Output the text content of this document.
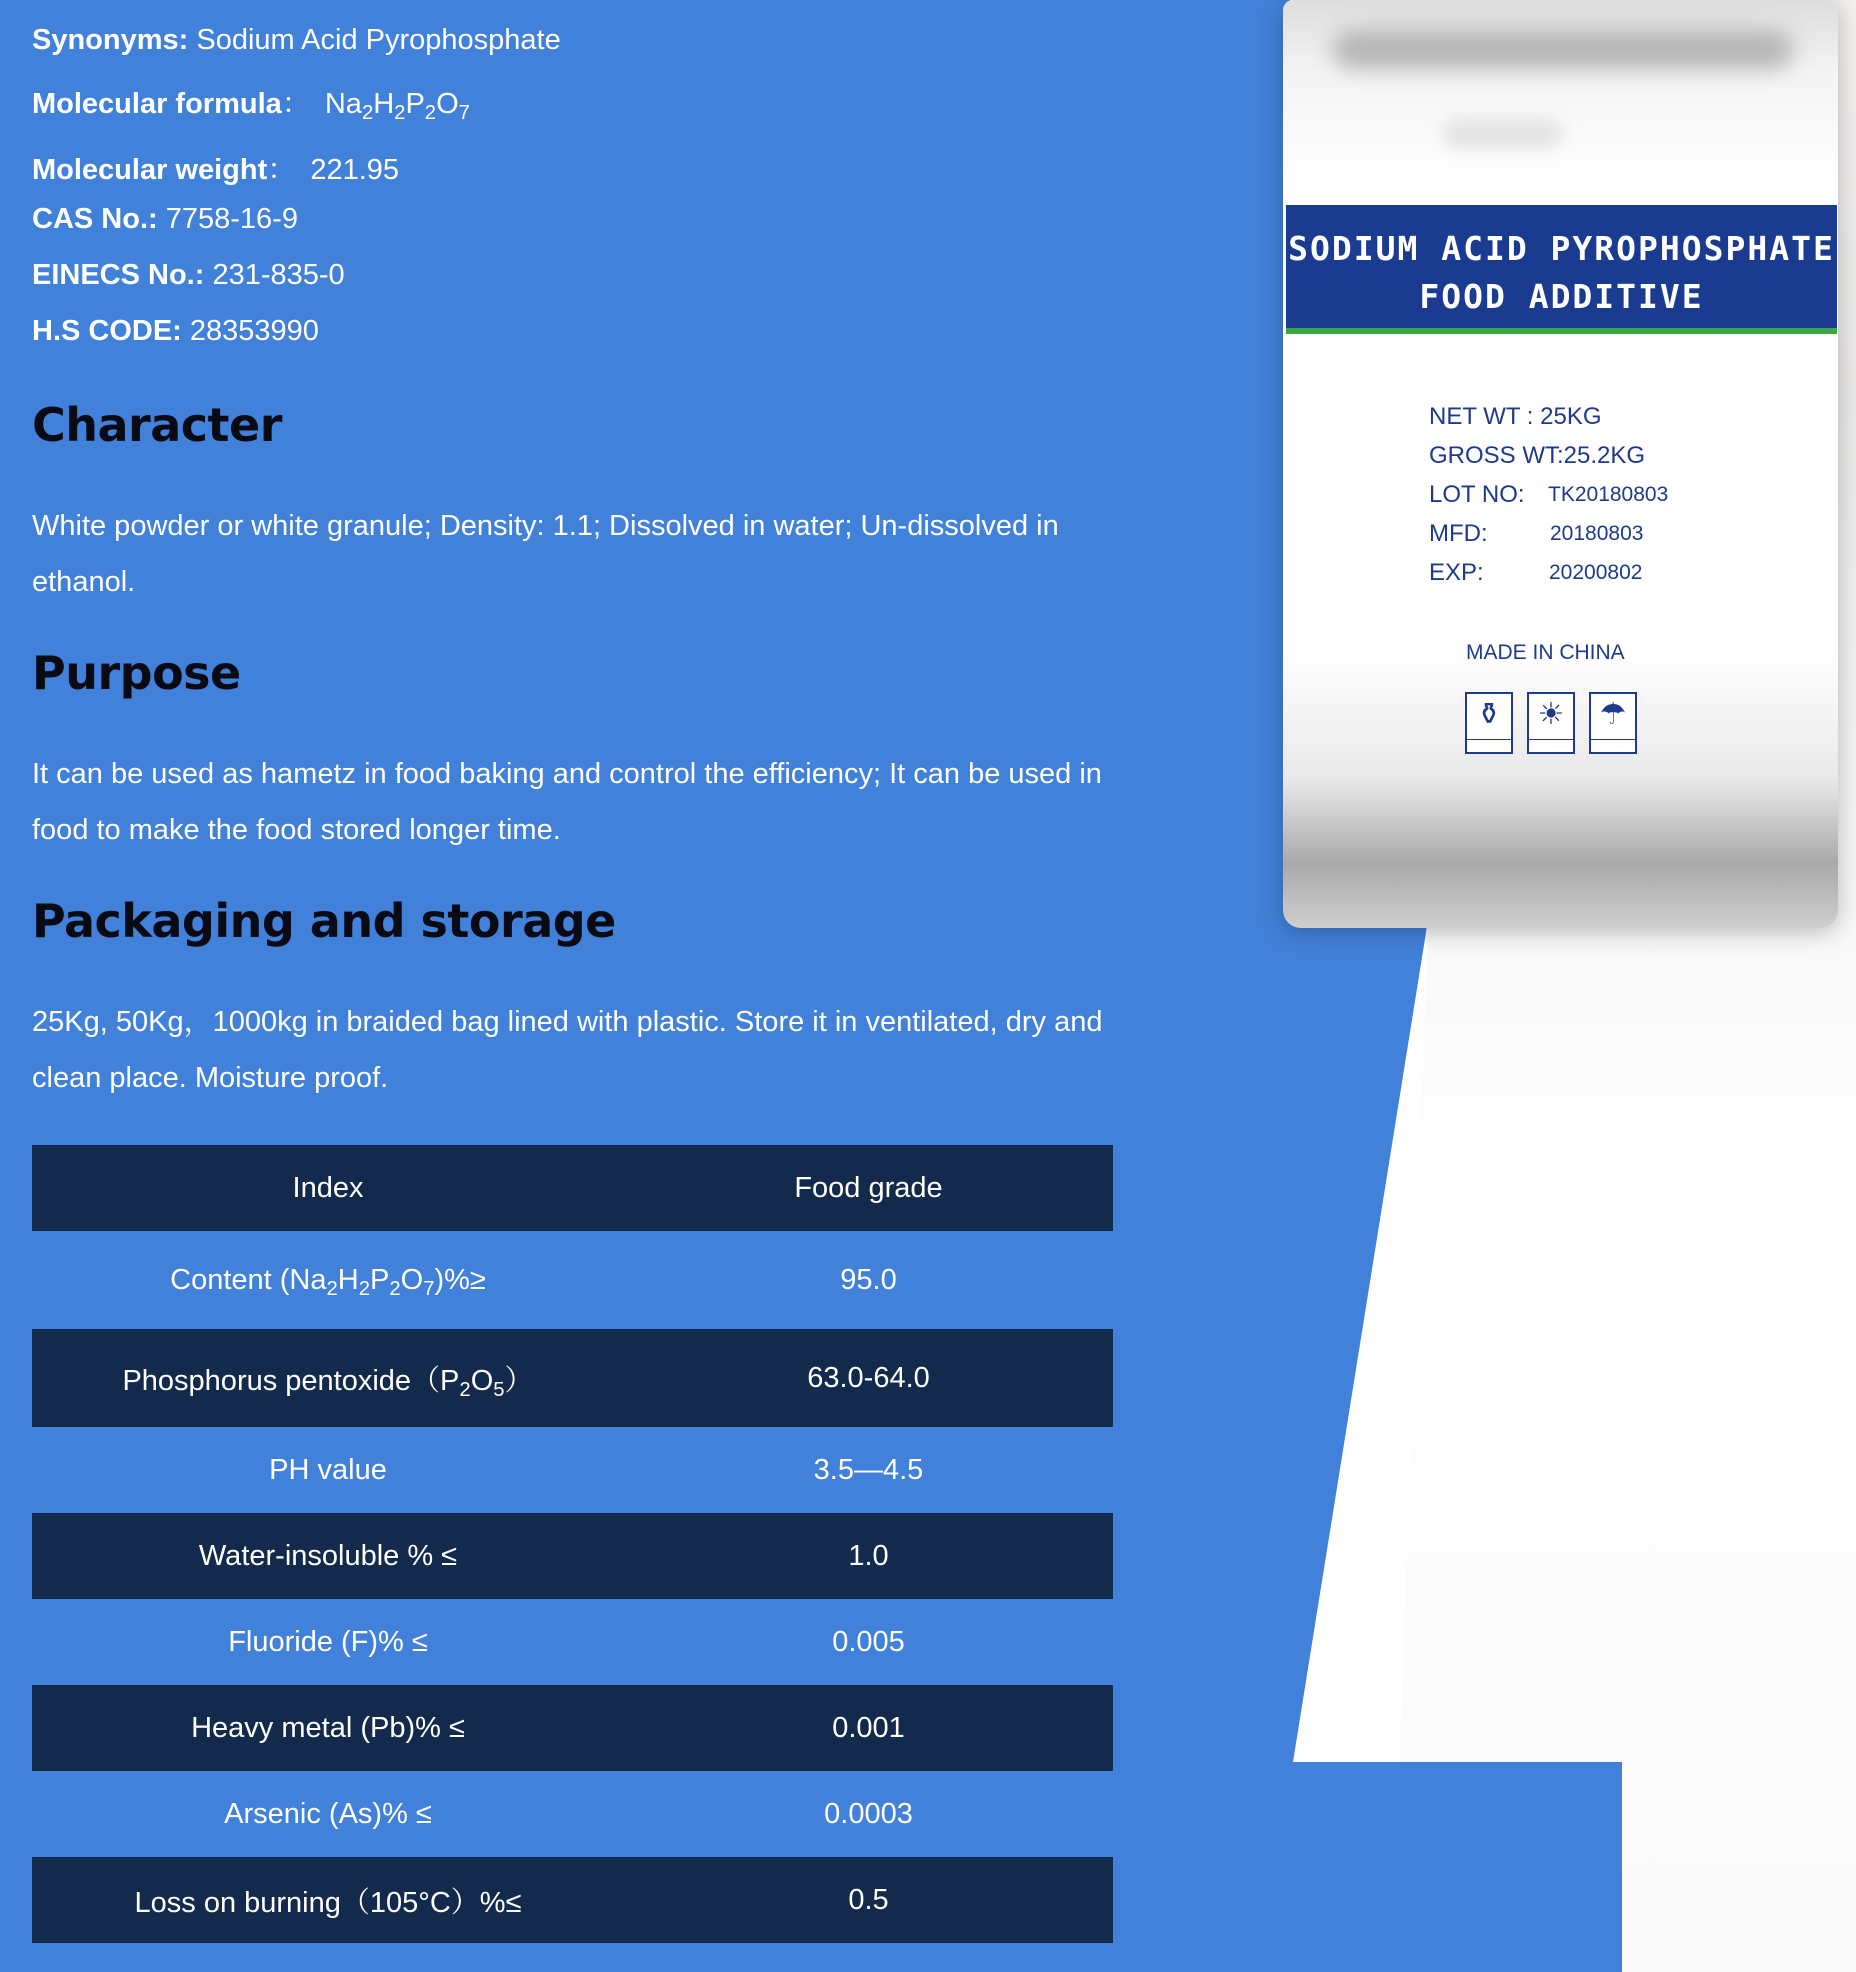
Synonyms: Sodium Acid Pyrophosphate
Molecular formula： $Na_2H_2P_2O_7$
Molecular weight： 221.95
CAS No.: 7758-16-9
EINECS No.: 231-835-0
H.S CODE: 28353990
Character

White powder or white granule; Density: 1.1; Dissolved in water; Un-dissolved in ethanol.

Purpose

It can be used as hametz in food baking and control the efficiency; It can be used in food to make the food stored longer time.

Packaging and storage

25Kg, 50Kg，1000kg in braided bag lined with plastic. Store it in ventilated, dry and clean place. Moisture proof.

Index	Food grade
Content $(Na_2H_2P_2O_7)\%\ge$	95.0
Phosphorus $pentoxide(P_2O_5)$	63.0-64.0
PH value	3.5—4.5
Water-insoluble % ≤	1.0
Fluoride (F)% ≤	0.005
Heavy metal (Pb)% ≤	0.001
Arsenic (As)% ≤	0.0003
Loss on burning（105°C）%≤	0.5
SODIUM ACID PYROPHOSPHATE
FOOD ADDITIVE
NET WT : 25KG
GROSS WT:25.2KG
LOT NO: TK20180803
MFD:	20180803
EXP:	20200802
MADE IN CHINA
⚱	☀ ☂
